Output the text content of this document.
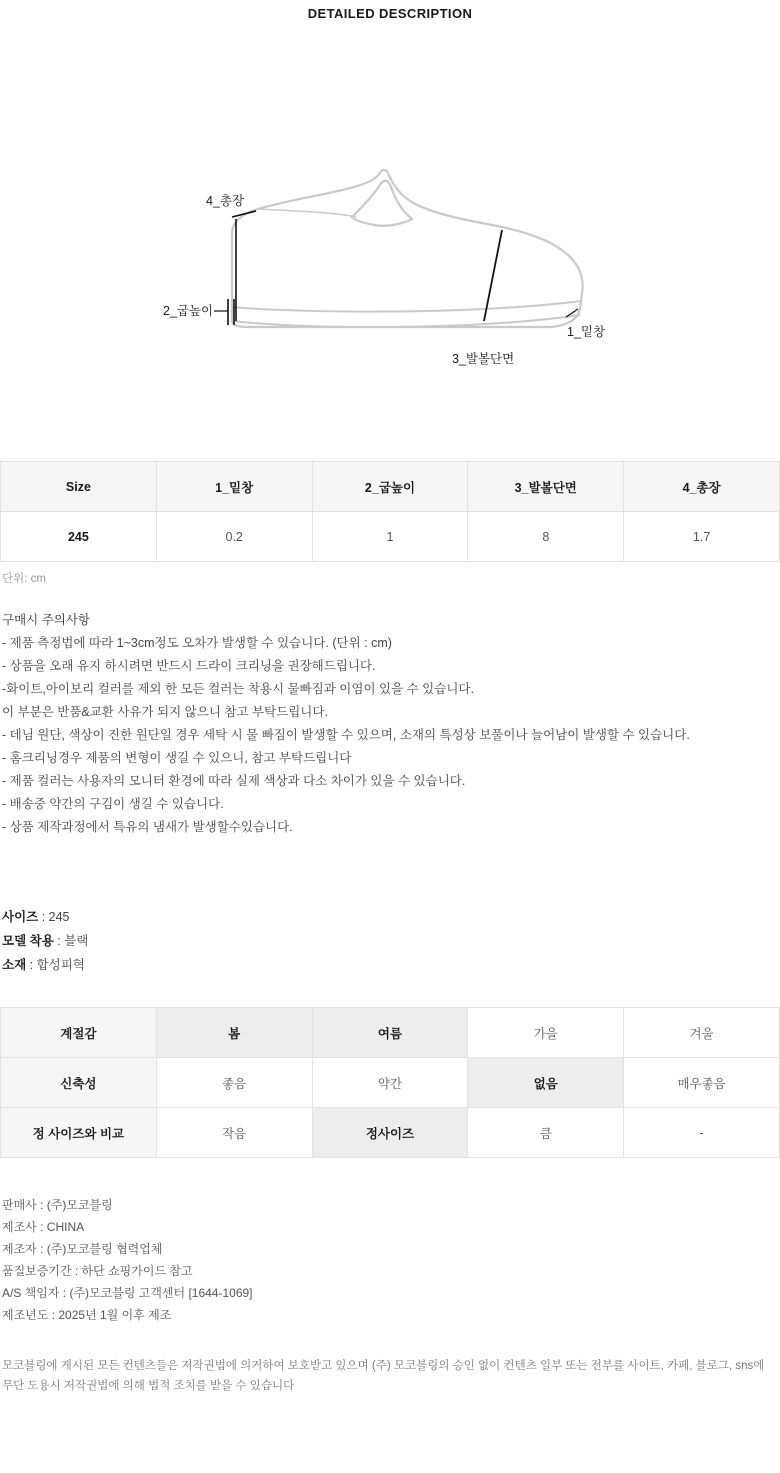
DETAILED DESCRIPTION
4_총장
2_굽높이
3_발볼단면
1_밑창
Size	1_밑창	2_굽높이	3_발볼단면	4_총장
245	0.2	1	8	1.7
단위: cm
구매시 주의사항
- 제품 측정법에 따라 1~3cm정도 오차가 발생할 수 있습니다. (단위 : cm)
- 상품을 오래 유지 하시려면 반드시 드라이 크리닝을 권장해드립니다.
-화이트,아이보리 컬러를 제외 한 모든 컬러는 착용시 물빠짐과 이염이 있을 수 있습니다.
이 부분은 반품&교환 사유가 되지 않으니 참고 부탁드립니다.
- 데님 원단, 색상이 진한 원단일 경우 세탁 시 물 빠짐이 발생할 수 있으며, 소재의 특성상 보풀이나 늘어남이 발생할 수 있습니다.
- 홈크리닝경우 제품의 변형이 생길 수 있으니, 참고 부탁드립니다
- 제품 컬러는 사용자의 모니터 환경에 따라 실제 색상과 다소 차이가 있을 수 있습니다.
- 배송중 약간의 구김이 생길 수 있습니다.
- 상품 제작과정에서 특유의 냄새가 발생할수있습니다.
사이즈 : 245
모델 착용 : 블랙
소재 : 합성피혁
계절감	봄	여름	가을	겨울
신축성	좋음	약간	없음	매우좋음
정 사이즈와 비교	작음	정사이즈	큼	-
판매사 : (주)모코블링
제조사 : CHINA
제조자 : (주)모코블링 협력업체
품질보증기간 : 하단 쇼핑가이드 참고
A/S 책임자 : (주)모코블링 고객센터 [1644-1069]
제조년도 : 2025년 1월 이후 제조
모코블링에 게시된 모든 컨텐츠들은 저작권법에 의거하여 보호받고 있으며 (주) 모코블링의 승인 없이 컨텐츠 일부 또는 전부를 사이트, 카페, 블로그, sns에
무단 도용시 저작권법에 의해 법적 조치를 받을 수 있습니다
